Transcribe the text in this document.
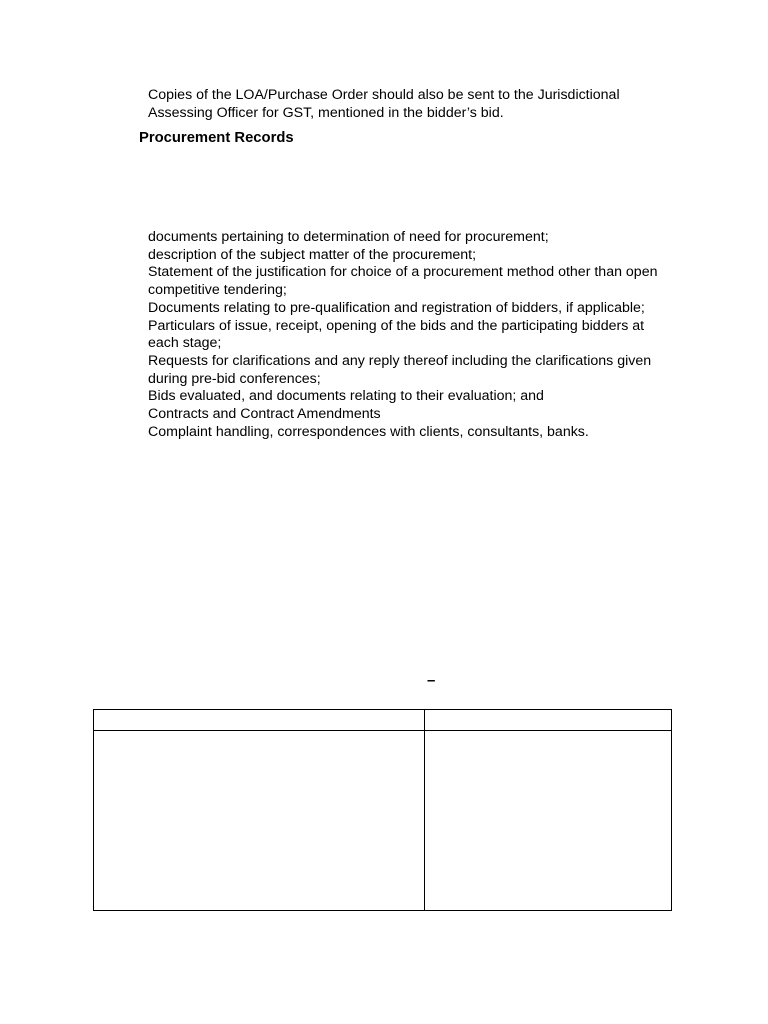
Copies of the LOA/Purchase Order should also be sent to the Jurisdictional
Assessing Officer for GST, mentioned in the bidder’s bid.

Procurement Records
documents pertaining to determination of need for procurement;
description of the subject matter of the procurement;
Statement of the justification for choice of a procurement method other than open
competitive tendering;
Documents relating to pre-qualification and registration of bidders, if applicable;
Particulars of issue, receipt, opening of the bids and the participating bidders at
each stage;
Requests for clarifications and any reply thereof including the clarifications given
during pre-bid conferences;
Bids evaluated, and documents relating to their evaluation; and
Contracts and Contract Amendments
Complaint handling, correspondences with clients, consultants, banks.
–
